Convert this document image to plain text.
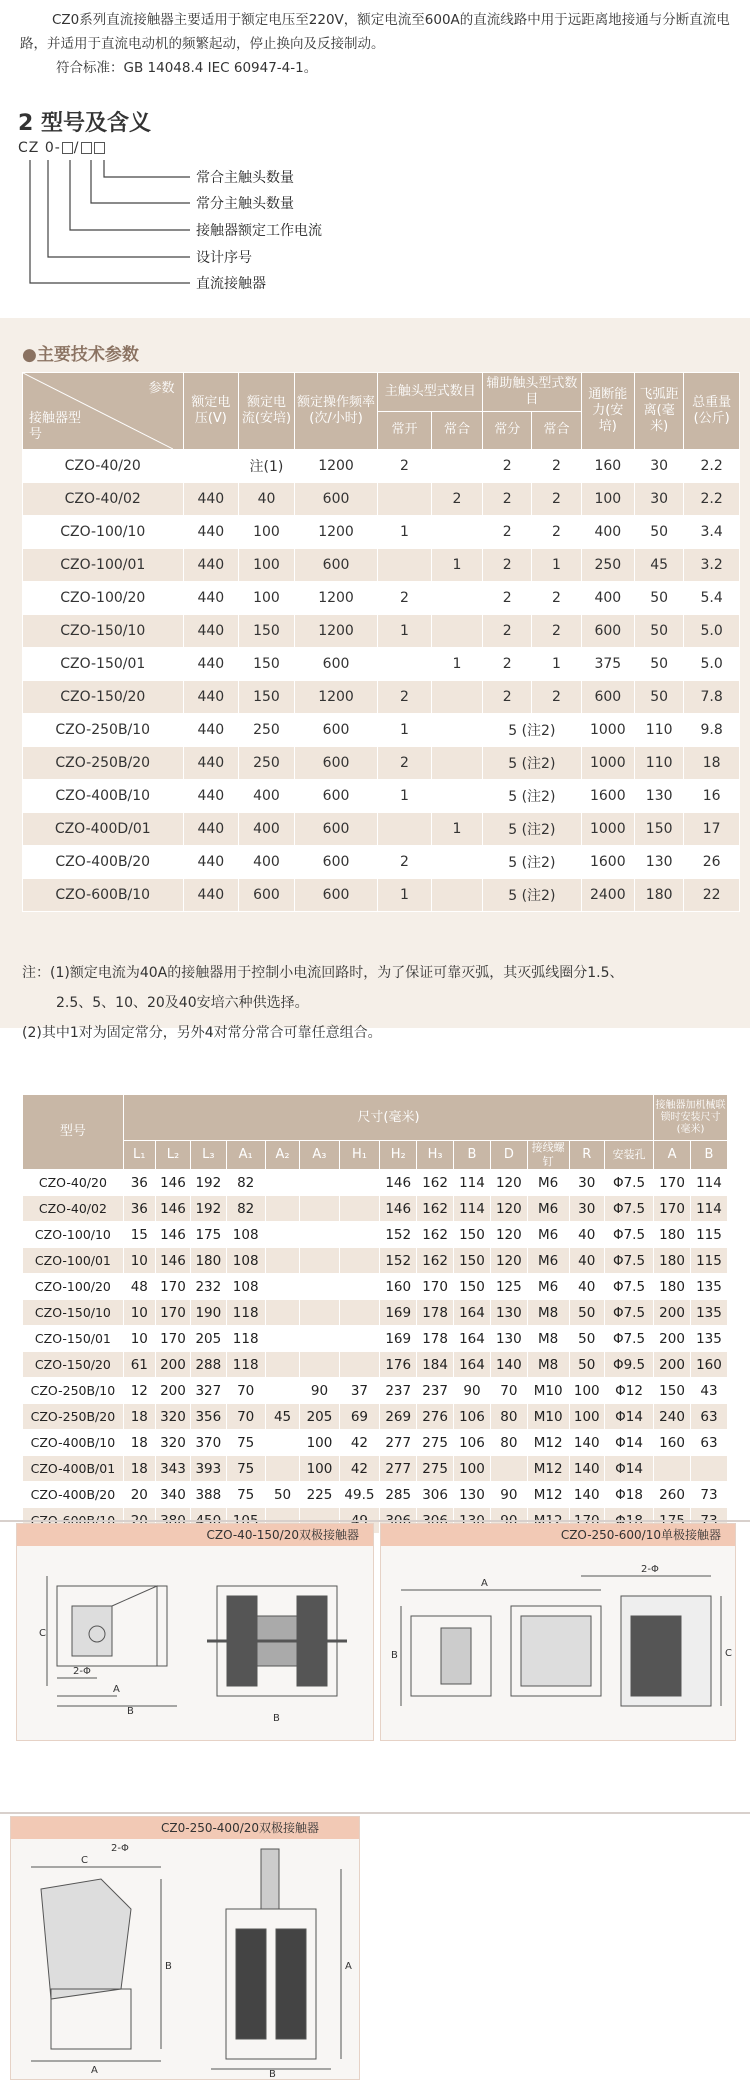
CZ0系列直流接触器主要适用于额定电压至220V，额定电流至600A的直流线路中用于远距离地接通与分断直流电路，并适用于直流电动机的频繁起动，停止换向及反接制动。

符合标准：GB 14048.4 IEC 60947-4-1。

2 型号及含义
CZ 0- /
常合主触头数量
常分主触头数量
接触器额定工作电流
设计序号
直流接触器
●主要技术参数
参数
接触器型号	额定电压(V)	额定电流(安培)	额定操作频率(次/小时)	主触头型式数目		辅助触头型式数目		通断能力(安培)	飞弧距离(毫米)	总重量(公斤)
				常开	常合	常分	常合			
CZO-40/20		注(1)	1200	2		2	2	160	30	2.2
CZO-40/02	440	40	600		2	2	2	100	30	2.2
CZO-100/10	440	100	1200	1		2	2	400	50	3.4
CZO-100/01	440	100	600		1	2	1	250	45	3.2
CZO-100/20	440	100	1200	2		2	2	400	50	5.4
CZO-150/10	440	150	1200	1		2	2	600	50	5.0
CZO-150/01	440	150	600		1	2	1	375	50	5.0
CZO-150/20	440	150	1200	2		2	2	600	50	7.8
CZO-250B/10	440	250	600	1		5 (注2)		1000	110	9.8
CZO-250B/20	440	250	600	2		5 (注2)		1000	110	18
CZO-400B/10	440	400	600	1		5 (注2)		1600	130	16
CZO-400D/01	440	400	600		1	5 (注2)		1000	150	17
CZO-400B/20	440	400	600	2		5 (注2)		1600	130	26
CZO-600B/10	440	600	600	1		5 (注2)		2400	180	22
注：(1)额定电流为40A的接触器用于控制小电流回路时，为了保证可靠灭弧，其灭弧线圈分1.5、
2.5、5、10、20及40安培六种供选择。
(2)其中1对为固定常分，另外4对常分常合可靠任意组合。
型号	尺寸(毫米)														接触器加机械联锁时安装尺寸(毫米)	
	L₁	L₂	L₃	A₁	A₂	A₃	H₁	H₂	H₃	B	D	接线螺钉	R	安装孔	A	B
CZO-40/20	36	146	192	82				146	162	114	120	M6	30	Φ7.5	170	114
CZO-40/02	36	146	192	82				146	162	114	120	M6	30	Φ7.5	170	114
CZO-100/10	15	146	175	108				152	162	150	120	M6	40	Φ7.5	180	115
CZO-100/01	10	146	180	108				152	162	150	120	M6	40	Φ7.5	180	115
CZO-100/20	48	170	232	108				160	170	150	125	M6	40	Φ7.5	180	135
CZO-150/10	10	170	190	118				169	178	164	130	M8	50	Φ7.5	200	135
CZO-150/01	10	170	205	118				169	178	164	130	M8	50	Φ7.5	200	135
CZO-150/20	61	200	288	118				176	184	164	140	M8	50	Φ9.5	200	160
CZO-250B/10	12	200	327	70		90	37	237	237	90	70	M10	100	Φ12	150	43
CZO-250B/20	18	320	356	70	45	205	69	269	276	106	80	M10	100	Φ14	240	63
CZO-400B/10	18	320	370	75		100	42	277	275	106	80	M12	140	Φ14	160	63
CZO-400B/01	18	343	393	75		100	42	277	275	100		M12	140	Φ14		
CZO-400B/20	20	340	388	75	50	225	49.5	285	306	130	90	M12	140	Φ18	260	73

CZO-40-150/20双极接触器
C
A
B
2-Φ
B
CZO-250-600/10单极接触器
A
B
2-Φ
C
CZ0-250-400/20双极接触器
C
2-Φ
B
A	B
A
